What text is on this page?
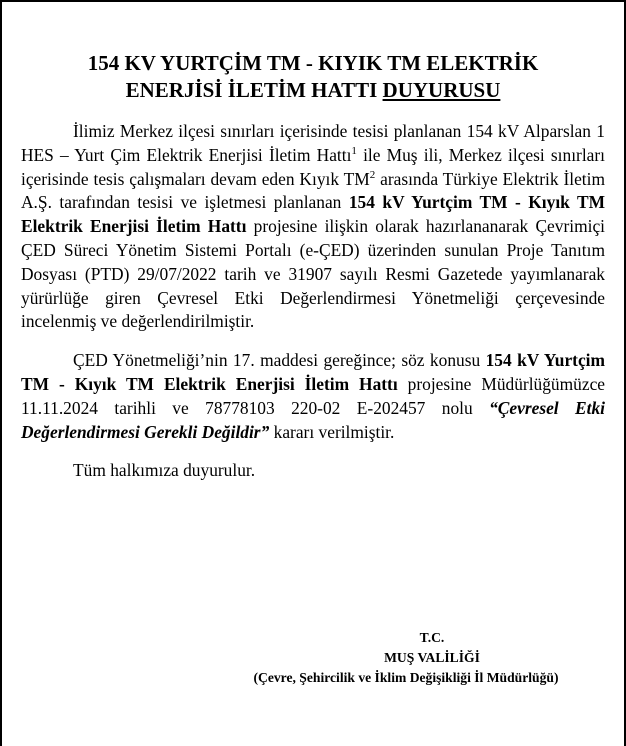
154 KV YURTÇİM TM - KIYIK TM ELEKTRİK
ENERJİSİ İLETİM HATTI DUYURUSU

İlimiz Merkez ilçesi sınırları içerisinde tesisi planlanan 154 kV Alparslan 1 HES – Yurt Çim Elektrik Enerjisi İletim Hattı$^1$ ile Muş ili, Merkez ilçesi sınırları içerisinde tesis çalışmaları devam eden Kıyık $TM^2$ arasında Türkiye Elektrik İletim A.Ş. tarafından tesisi ve işletmesi planlanan 154 kV Yurtçim TM - Kıyık TM Elektrik Enerjisi İletim Hattı projesine ilişkin olarak hazırlananarak Çevrimiçi ÇED Süreci Yönetim Sistemi Portalı (e-ÇED) üzerinden sunulan Proje Tanıtım Dosyası (PTD) 29/07/2022 tarih ve 31907 sayılı Resmi Gazetede yayımlanarak yürürlüğe giren Çevresel Etki Değerlendirmesi Yönetmeliği çerçevesinde incelenmiş ve değerlendirilmiştir.

ÇED Yönetmeliği’nin 17. maddesi gereğince; söz konusu 154 kV Yurtçim TM - Kıyık TM Elektrik Enerjisi İletim Hattı projesine Müdürlüğümüzce 11.11.2024 tarihli ve 78778103 220-02 E-202457 nolu “Çevresel Etki Değerlendirmesi Gerekli Değildir” kararı verilmiştir.

Tüm halkımıza duyurulur.

T.C.
MUŞ VALİLİĞİ
(Çevre, Şehircilik ve İklim Değişikliği İl Müdürlüğü)
